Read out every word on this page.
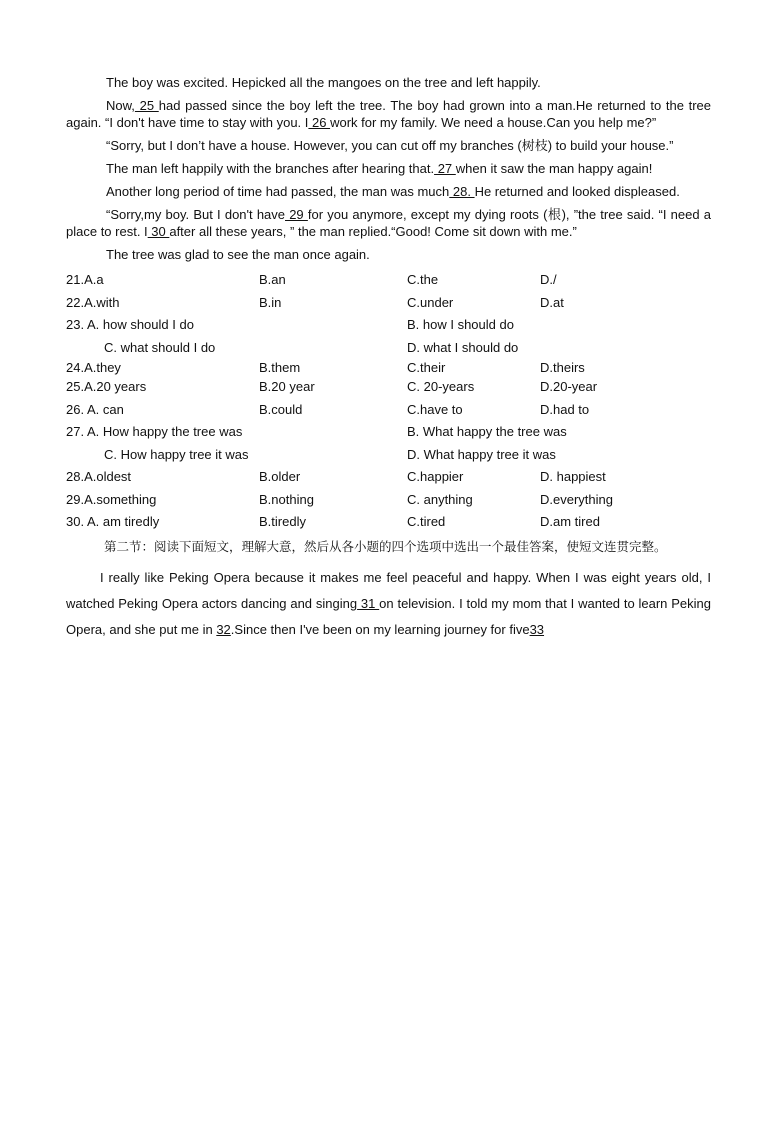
The boy was excited. Hepicked all the mangoes on the tree and left happily.

Now, 25 had passed since the boy left the tree. The boy had grown into a man.He returned to the tree again. “I don't have time to stay with you. I 26 work for my family. We need a house.Can you help me?”

“Sorry, but I don’t have a house. However, you can cut off my branches (树枝) to build your house.”

The man left happily with the branches after hearing that. 27 when it saw the man happy again!

Another long period of time had passed, the man was much 28. He returned and looked displeased.

“Sorry,my boy. But I don't have 29 for you anymore, except my dying roots (根), ”the tree said. “I need a place to rest. I 30 after all these years, ” the man replied.“Good! Come sit down with me.”

The tree was glad to see the man once again.

21.A.a	B.an	C.the	D./
22.A.with	B.in	C.under	D.at
23. A. how should I do	B. how I should do
C. what should I do	D. what I should do
24.A.they	B.them	C.their	D.theirs
25.A.20 years	B.20 year	C. 20-years	D.20-year
26. A. can	B.could	C.have to	D.had to
27. A. How happy the tree was	B. What happy the tree was
C. How happy tree it was	D. What happy tree it was
28.A.oldest	B.older	C.happier	D. happiest
29.A.something	B.nothing	C. anything	D.everything
30. A. am tiredly	B.tiredly	C.tired	D.am tired

第二节：阅读下面短文，理解大意，然后从各小题的四个选项中选出一个最佳答案，使短文连贯完整。

I really like Peking Opera because it makes me feel peaceful and happy. When I was eight years old, I watched Peking Opera actors dancing and singing 31 on television. I told my mom that I wanted to learn Peking Opera, and she put me in 32.Since then I've been on my learning journey for five33
